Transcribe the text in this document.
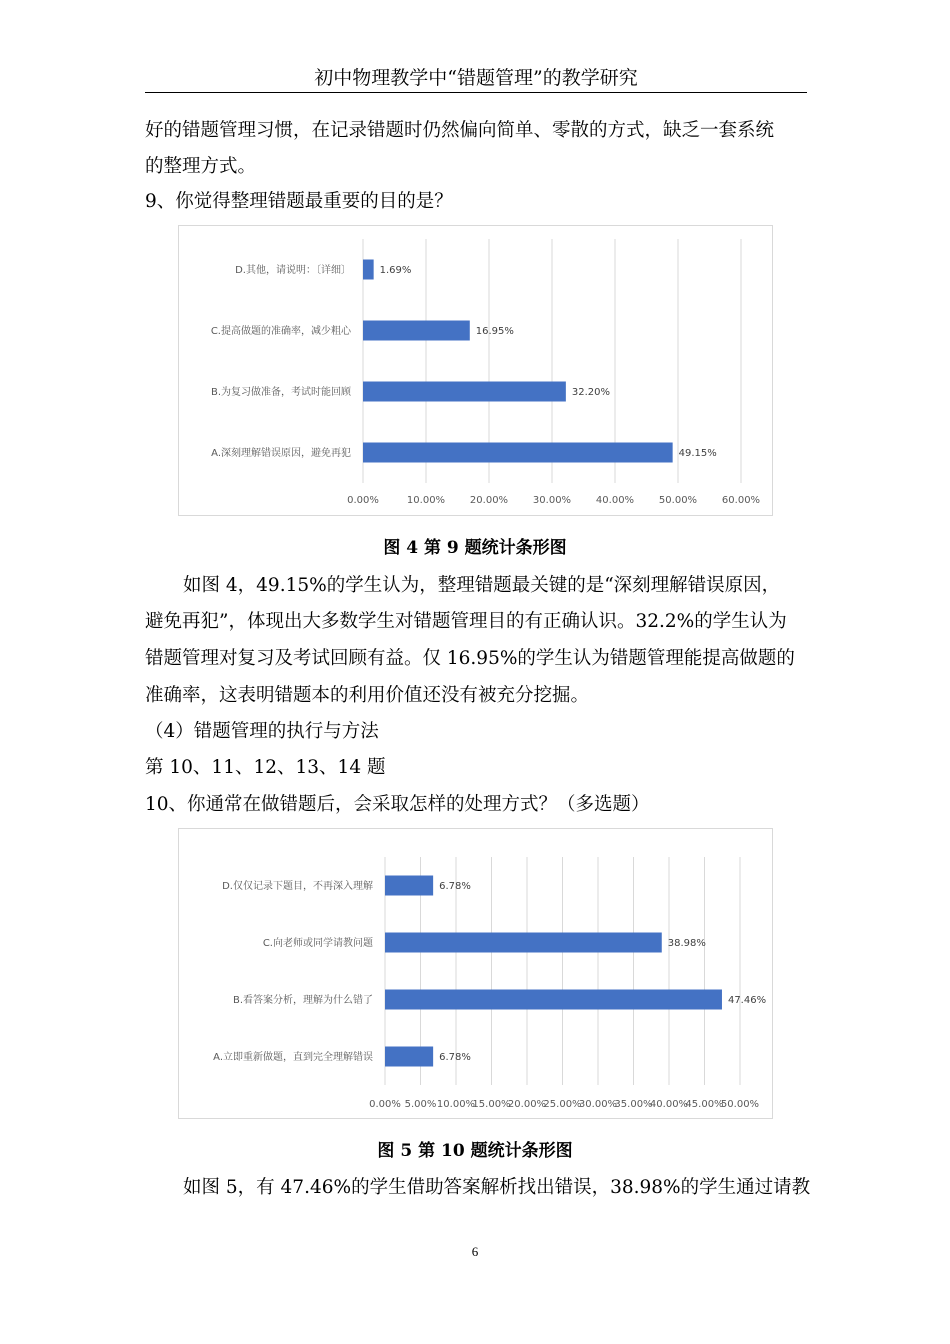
初中物理教学中“错题管理”的教学研究
好的错题管理习惯，在记录错题时仍然偏向简单、零散的方式，缺乏一套系统
的整理方式。
9、你觉得整理错题最重要的目的是？
0.00%	10.00% 20.00% 30.00% 40.00% 50.00% 60.00%
D.其他，请说明：〔详细〕	1.69%
C.提高做题的准确率，减少粗心	16.95%
B.为复习做准备，考试时能回顾	32.20%
A.深刻理解错误原因，避免再犯	49.15%
图 4 第 9 题统计条形图
如图 4，49.15%的学生认为，整理错题最关键的是“深刻理解错误原因，
避免再犯”，体现出大多数学生对错题管理目的有正确认识。32.2%的学生认为
错题管理对复习及考试回顾有益。仅 16.95%的学生认为错题管理能提高做题的
准确率，这表明错题本的利用价值还没有被充分挖掘。
（4）错题管理的执行与方法
第 10、11、12、13、14 题
10、你通常在做错题后，会采取怎样的处理方式？（多选题）
0.00% 5.00% 10.00%
15.00%
20.00%
25.00%
30.00%
35.00%
40.00%
45.00%
50.00%
D.仅仅记录下题目，不再深入理解	6.78%
C.向老师或同学请教问题	38.98%
B.看答案分析，理解为什么错了	47.46%
A.立即重新做题，直到完全理解错误	6.78%
图 5 第 10 题统计条形图
如图 5，有 47.46%的学生借助答案解析找出错误，38.98%的学生通过请教
6
